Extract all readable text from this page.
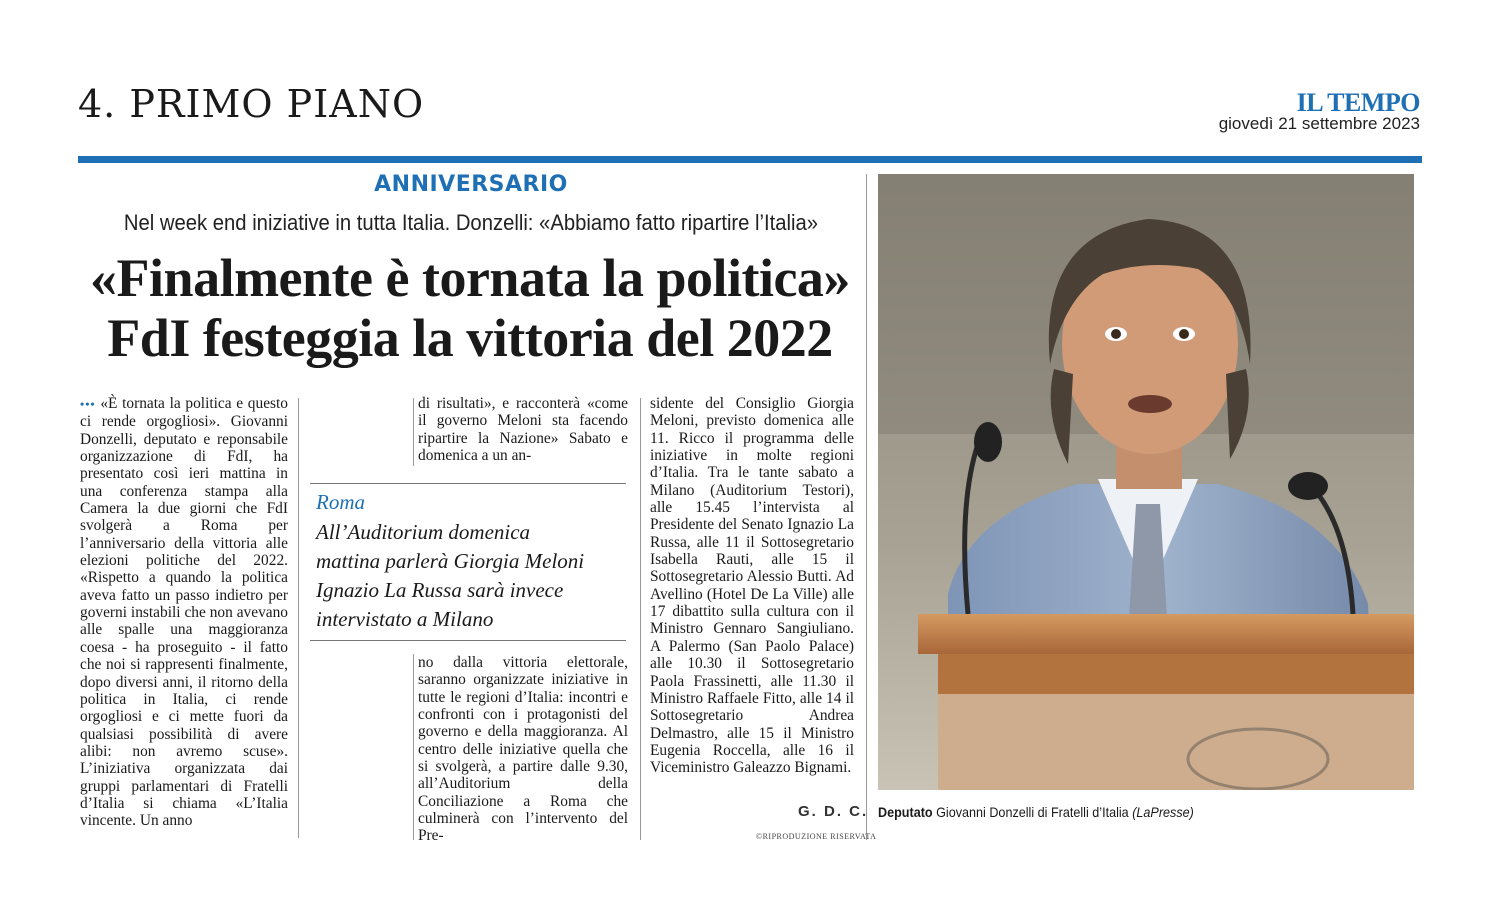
4. PRIMO PIANO	IL TEMPO
giovedì 21 settembre 2023
ANNIVERSARIO
Nel week end iniziative in tutta Italia. Donzelli: «Abbiamo fatto ripartire l’Italia»
«Finalmente è tornata la politica»
FdI festeggia la vittoria del 2022
••• «È tornata la politica e questo ci rende orgogliosi». Giovanni Donzelli, deputato e reponsabile organizzazione di FdI, ha presentato così ieri mattina in una conferenza stampa alla Camera la due giorni che FdI svolgerà a Roma per l’anniversario della vittoria alle elezioni politiche del 2022. «Rispetto a quando la politica aveva fatto un passo indietro per governi instabili che non avevano alle spalle una maggioranza coesa - ha proseguito - il fatto che noi si rappresenti finalmente, dopo diversi anni, il ritorno della politica in Italia, ci rende orgogliosi e ci mette fuori da qualsiasi possibilità di avere alibi: non avremo scuse». L’iniziativa organizzata dai gruppi parlamentari di Fratelli d’Italia si chiama «L’Italia vincente. Un anno
di risultati», e racconterà «come il governo Meloni sta facendo ripartire la Nazione» Sabato e domenica a un an-
no dalla vittoria elettorale, saranno organizzate iniziative in tutte le regioni d’Italia: incontri e confronti con i protagonisti del governo e della maggioranza. Al centro delle iniziative quella che si svolgerà, a partire dalle 9.30, all’Auditorium della Conciliazione a Roma che culminerà con l’intervento del Pre-
sidente del Consiglio Giorgia Meloni, previsto domenica alle 11. Ricco il programma delle iniziative in molte regioni d’Italia. Tra le tante sabato a Milano (Auditorium Testori), alle 15.45 l’intervista al Presidente del Senato Ignazio La Russa, alle 11 il Sottosegretario Isabella Rauti, alle 15 il Sottosegretario Alessio Butti. Ad Avellino (Hotel De La Ville) alle 17 dibattito sulla cultura con il Ministro Gennaro Sangiuliano. A Palermo (San Paolo Palace) alle 10.30 il Sottosegretario Paola Frassinetti, alle 11.30 il Ministro Raffaele Fitto, alle 14 il Sottosegretario Andrea Delmastro, alle 15 il Ministro Eugenia Roccella, alle 16 il Viceministro Galeazzo Bignami.
Roma
All’Auditorium domenica
mattina parlerà Giorgia Meloni
Ignazio La Russa sarà invece
intervistato a Milano
G. D. C.
©RIPRODUZIONE RISERVATA
Deputato Giovanni Donzelli di Fratelli d’Italia (LaPresse)
